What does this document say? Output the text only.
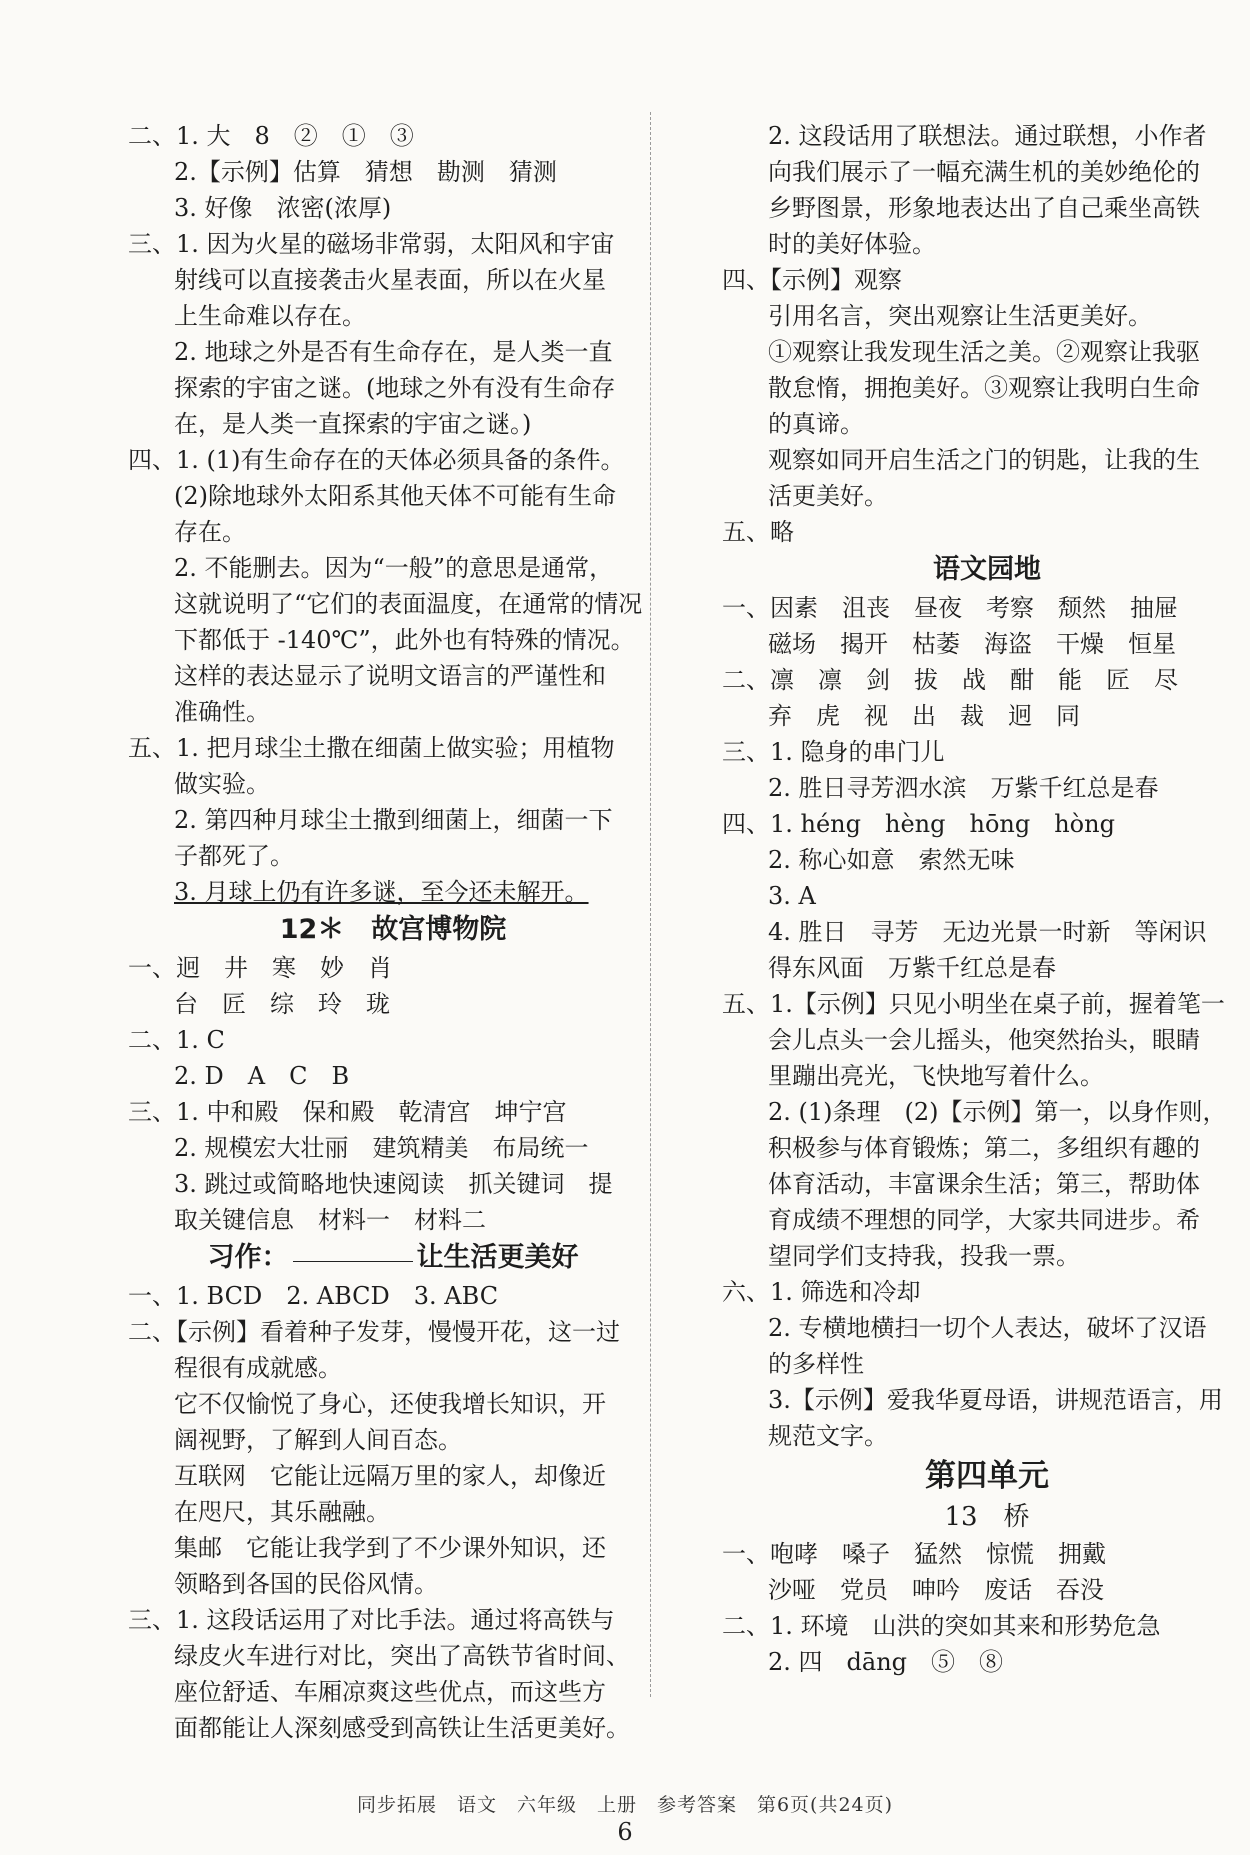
二、1. 大　8　②　①　③
2.【示例】估算　猜想　勘测　猜测
3. 好像　浓密(浓厚)
三、1. 因为火星的磁场非常弱，太阳风和宇宙
射线可以直接袭击火星表面，所以在火星
上生命难以存在。
2. 地球之外是否有生命存在，是人类一直
探索的宇宙之谜。(地球之外有没有生命存
在，是人类一直探索的宇宙之谜。)
四、1. (1)有生命存在的天体必须具备的条件。
(2)除地球外太阳系其他天体不可能有生命
存在。
2. 不能删去。因为“一般”的意思是通常，
这就说明了“它们的表面温度，在通常的情况
下都低于 -140℃”，此外也有特殊的情况。
这样的表达显示了说明文语言的严谨性和
准确性。
五、1. 把月球尘土撒在细菌上做实验；用植物
做实验。
2. 第四种月球尘土撒到细菌上，细菌一下
子都死了。
3. 月球上仍有许多谜，至今还未解开。
12＊　故宫博物院
一、迥　井　寒　妙　肖
台　匠　综　玲　珑
二、1. C
2. D　A　C　B
三、1. 中和殿　保和殿　乾清宫　坤宁宫
2. 规模宏大壮丽　建筑精美　布局统一
3. 跳过或简略地快速阅读　抓关键词　提
取关键信息　材料一　材料二
习作：	让生活更美好
一、1. BCD　2. ABCD　3. ABC
二、【示例】看着种子发芽，慢慢开花，这一过
程很有成就感。
它不仅愉悦了身心，还使我增长知识，开
阔视野，了解到人间百态。
互联网　它能让远隔万里的家人，却像近
在咫尺，其乐融融。
集邮　它能让我学到了不少课外知识，还
领略到各国的民俗风情。
三、1. 这段话运用了对比手法。通过将高铁与
绿皮火车进行对比，突出了高铁节省时间、
座位舒适、车厢凉爽这些优点，而这些方
面都能让人深刻感受到高铁让生活更美好。
2. 这段话用了联想法。通过联想，小作者
向我们展示了一幅充满生机的美妙绝伦的
乡野图景，形象地表达出了自己乘坐高铁
时的美好体验。
四、【示例】观察
引用名言，突出观察让生活更美好。
①观察让我发现生活之美。②观察让我驱
散怠惰，拥抱美好。③观察让我明白生命
的真谛。
观察如同开启生活之门的钥匙，让我的生
活更美好。
五、略
语文园地
一、因素　沮丧　昼夜　考察　颓然　抽屉
磁场　揭开　枯萎　海盗　干燥　恒星
二、凛　凛　剑　拔　战　酣　能　匠　尽
弃　虎　视　出　裁　迥　同
三、1. 隐身的串门儿
2. 胜日寻芳泗水滨　万紫千红总是春
四、1. héng　hèng　hōng　hòng
2. 称心如意　索然无味
3. A
4. 胜日　寻芳　无边光景一时新　等闲识
得东风面　万紫千红总是春
五、1.【示例】只见小明坐在桌子前，握着笔一
会儿点头一会儿摇头，他突然抬头，眼睛
里蹦出亮光，飞快地写着什么。
2. (1)条理　(2)【示例】第一，以身作则，
积极参与体育锻炼；第二，多组织有趣的
体育活动，丰富课余生活；第三，帮助体
育成绩不理想的同学，大家共同进步。希
望同学们支持我，投我一票。
六、1. 筛选和冷却
2. 专横地横扫一切个人表达，破坏了汉语
的多样性
3.【示例】爱我华夏母语，讲规范语言，用
规范文字。
第四单元
13　桥
一、咆哮　嗓子　猛然　惊慌　拥戴
沙哑　党员　呻吟　废话　吞没
二、1. 环境　山洪的突如其来和形势危急
2. 四　dāng　⑤　⑧
同步拓展　语文　六年级　上册　参考答案　第6页(共24页)
6
